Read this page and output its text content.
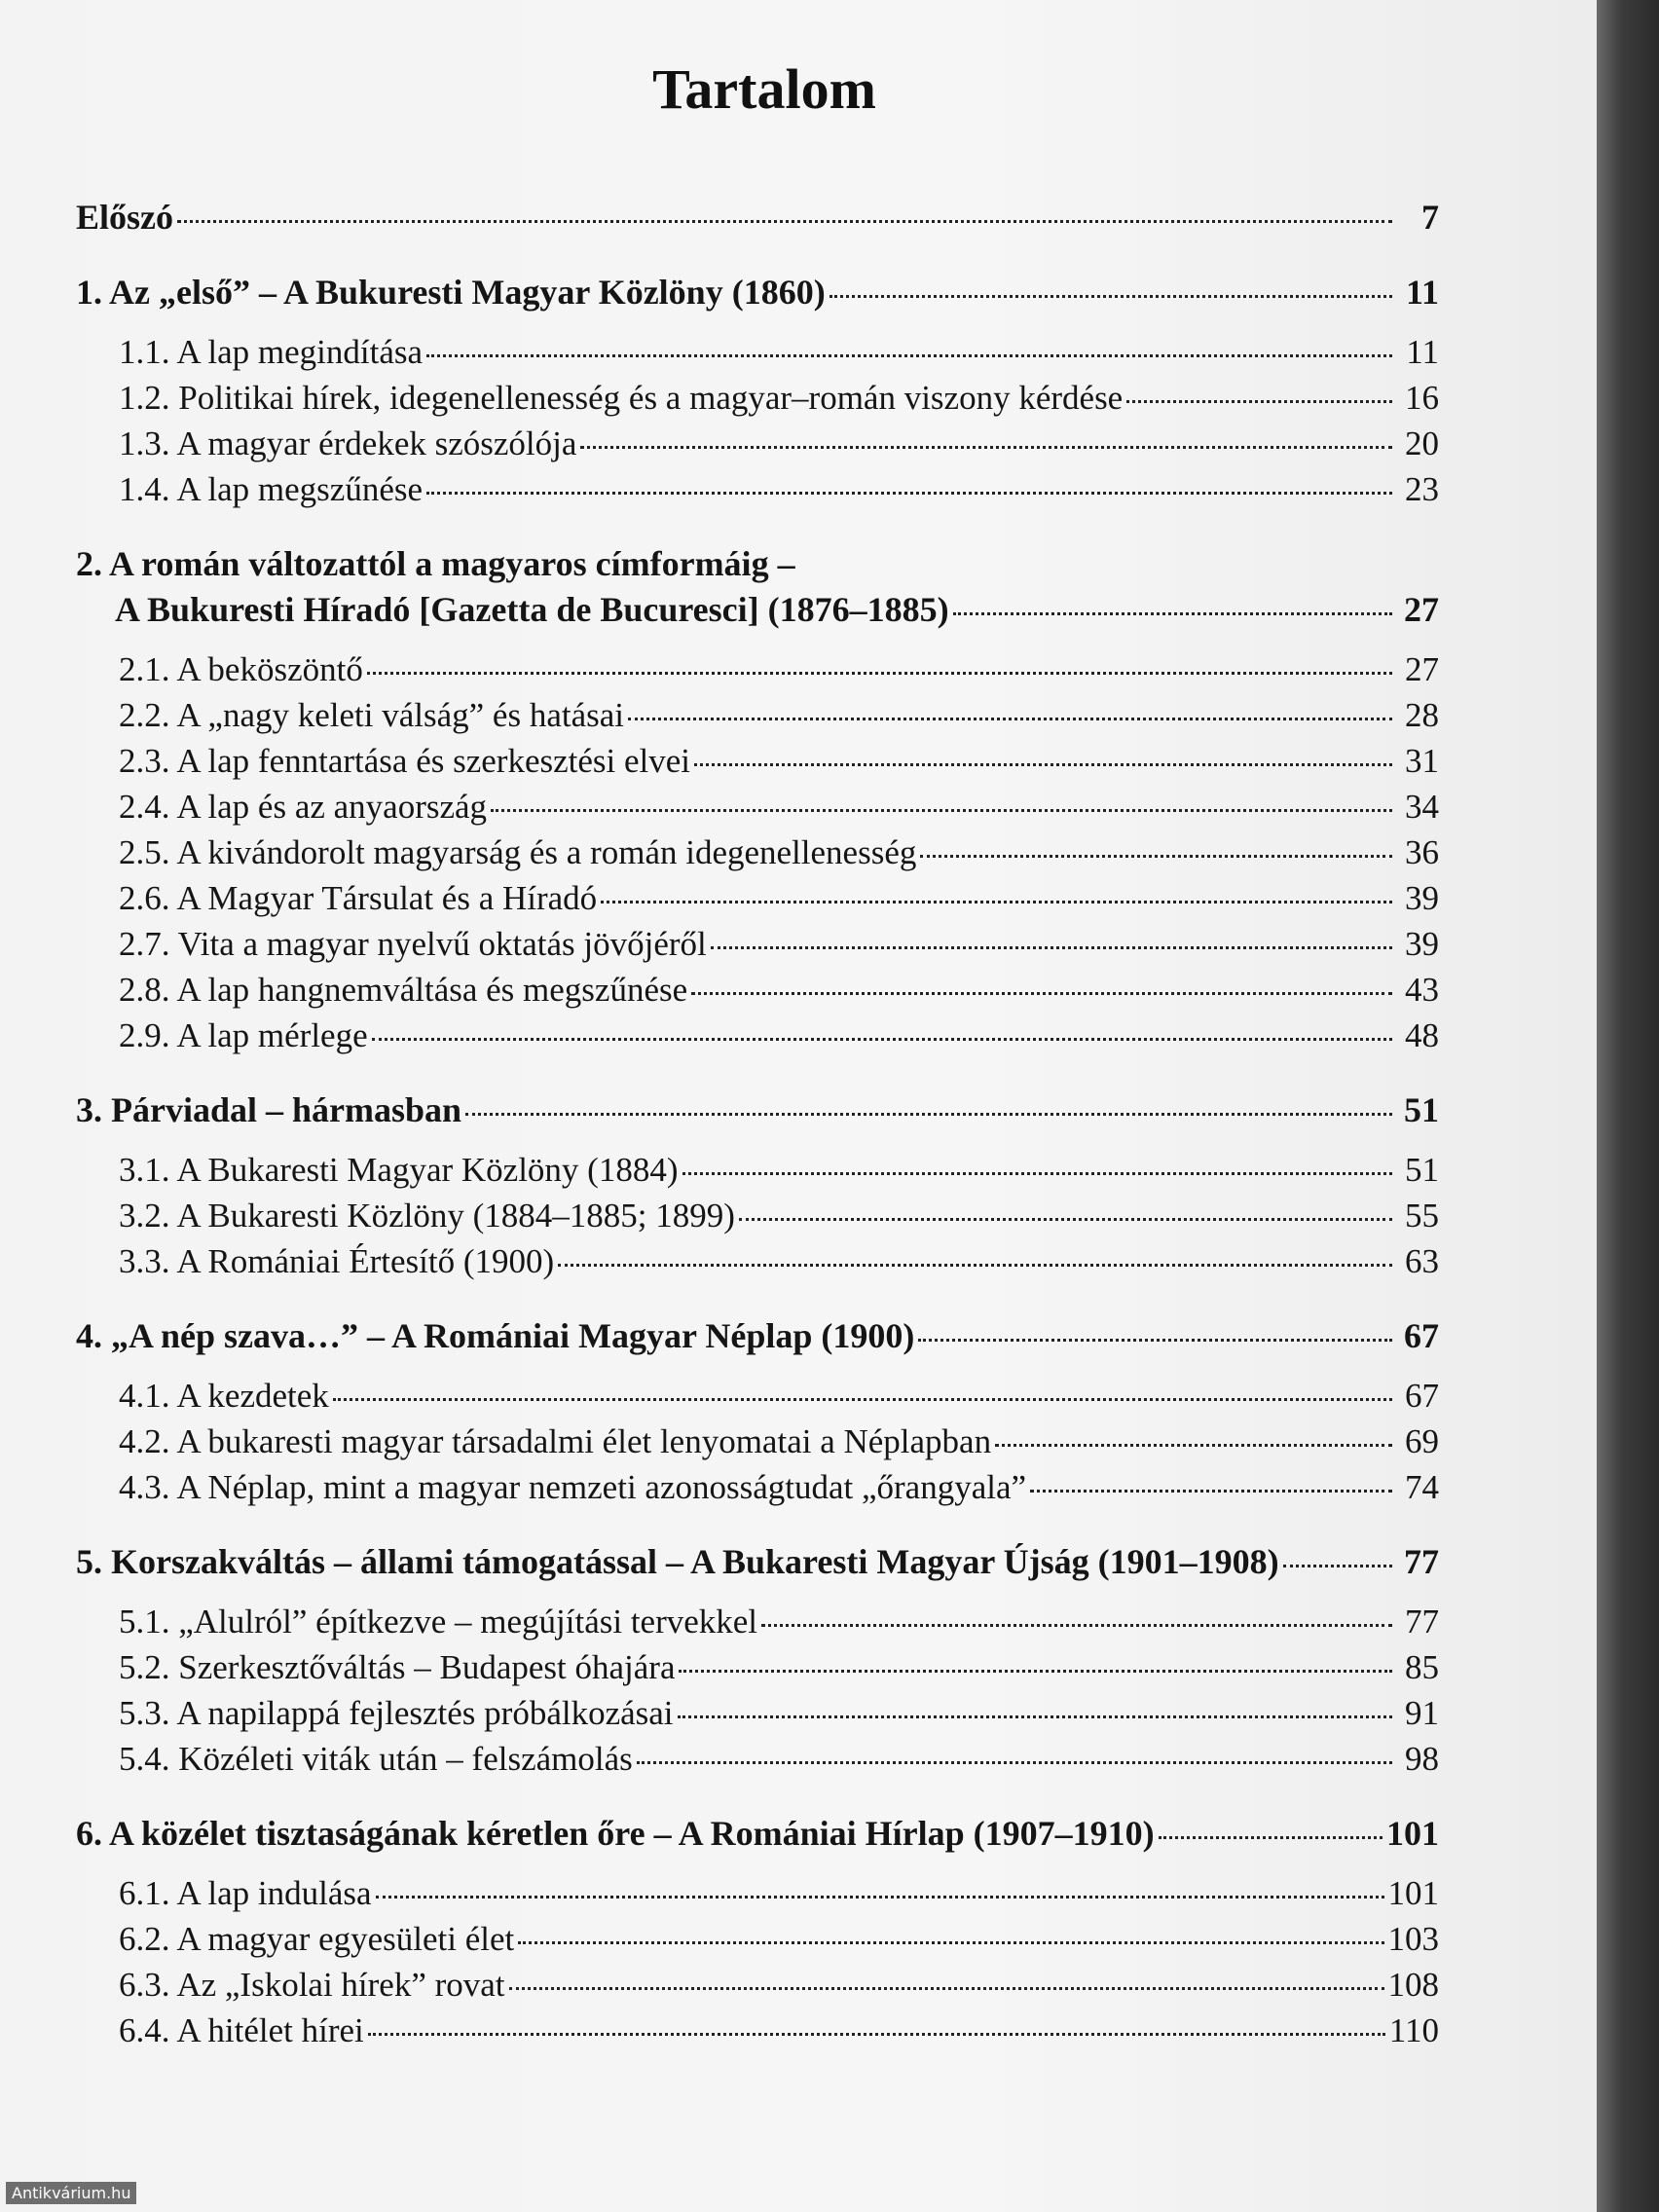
Tartalom
Előszó	7
1. Az „első” – A Bukuresti Magyar Közlöny (1860)	11
1.1. A lap megindítása	11
1.2. Politikai hírek, idegenellenesség és a magyar–román viszony kérdése	16
1.3. A magyar érdekek szószólója	20
1.4. A lap megszűnése	23
2. A román változattól a magyaros címformáig –
A Bukuresti Híradó [Gazetta de Bucuresci] (1876–1885)	27
2.1. A beköszöntő	27
2.2. A „nagy keleti válság” és hatásai	28
2.3. A lap fenntartása és szerkesztési elvei	31
2.4. A lap és az anyaország	34
2.5. A kivándorolt magyarság és a román idegenellenesség	36
2.6. A Magyar Társulat és a Híradó	39
2.7. Vita a magyar nyelvű oktatás jövőjéről	39
2.8. A lap hangnemváltása és megszűnése	43
2.9. A lap mérlege	48
3. Párviadal – hármasban	51
3.1. A Bukaresti Magyar Közlöny (1884)	51
3.2. A Bukaresti Közlöny (1884–1885; 1899)	55
3.3. A Romániai Értesítő (1900)	63
4. „A nép szava…” – A Romániai Magyar Néplap (1900)	67
4.1. A kezdetek	67
4.2. A bukaresti magyar társadalmi élet lenyomatai a Néplapban	69
4.3. A Néplap, mint a magyar nemzeti azonosságtudat „őrangyala”	74
5. Korszakváltás – állami támogatással – A Bukaresti Magyar Újság (1901–1908)	77
5.1. „Alulról” építkezve – megújítási tervekkel	77
5.2. Szerkesztőváltás – Budapest óhajára	85
5.3. A napilappá fejlesztés próbálkozásai	91
5.4. Közéleti viták után – felszámolás	98
6. A közélet tisztaságának kéretlen őre – A Romániai Hírlap (1907–1910)	101
6.1. A lap indulása	101
6.2. A magyar egyesületi élet	103
6.3. Az „Iskolai hírek” rovat	108
6.4. A hitélet hírei	110
Antikvárium.hu
